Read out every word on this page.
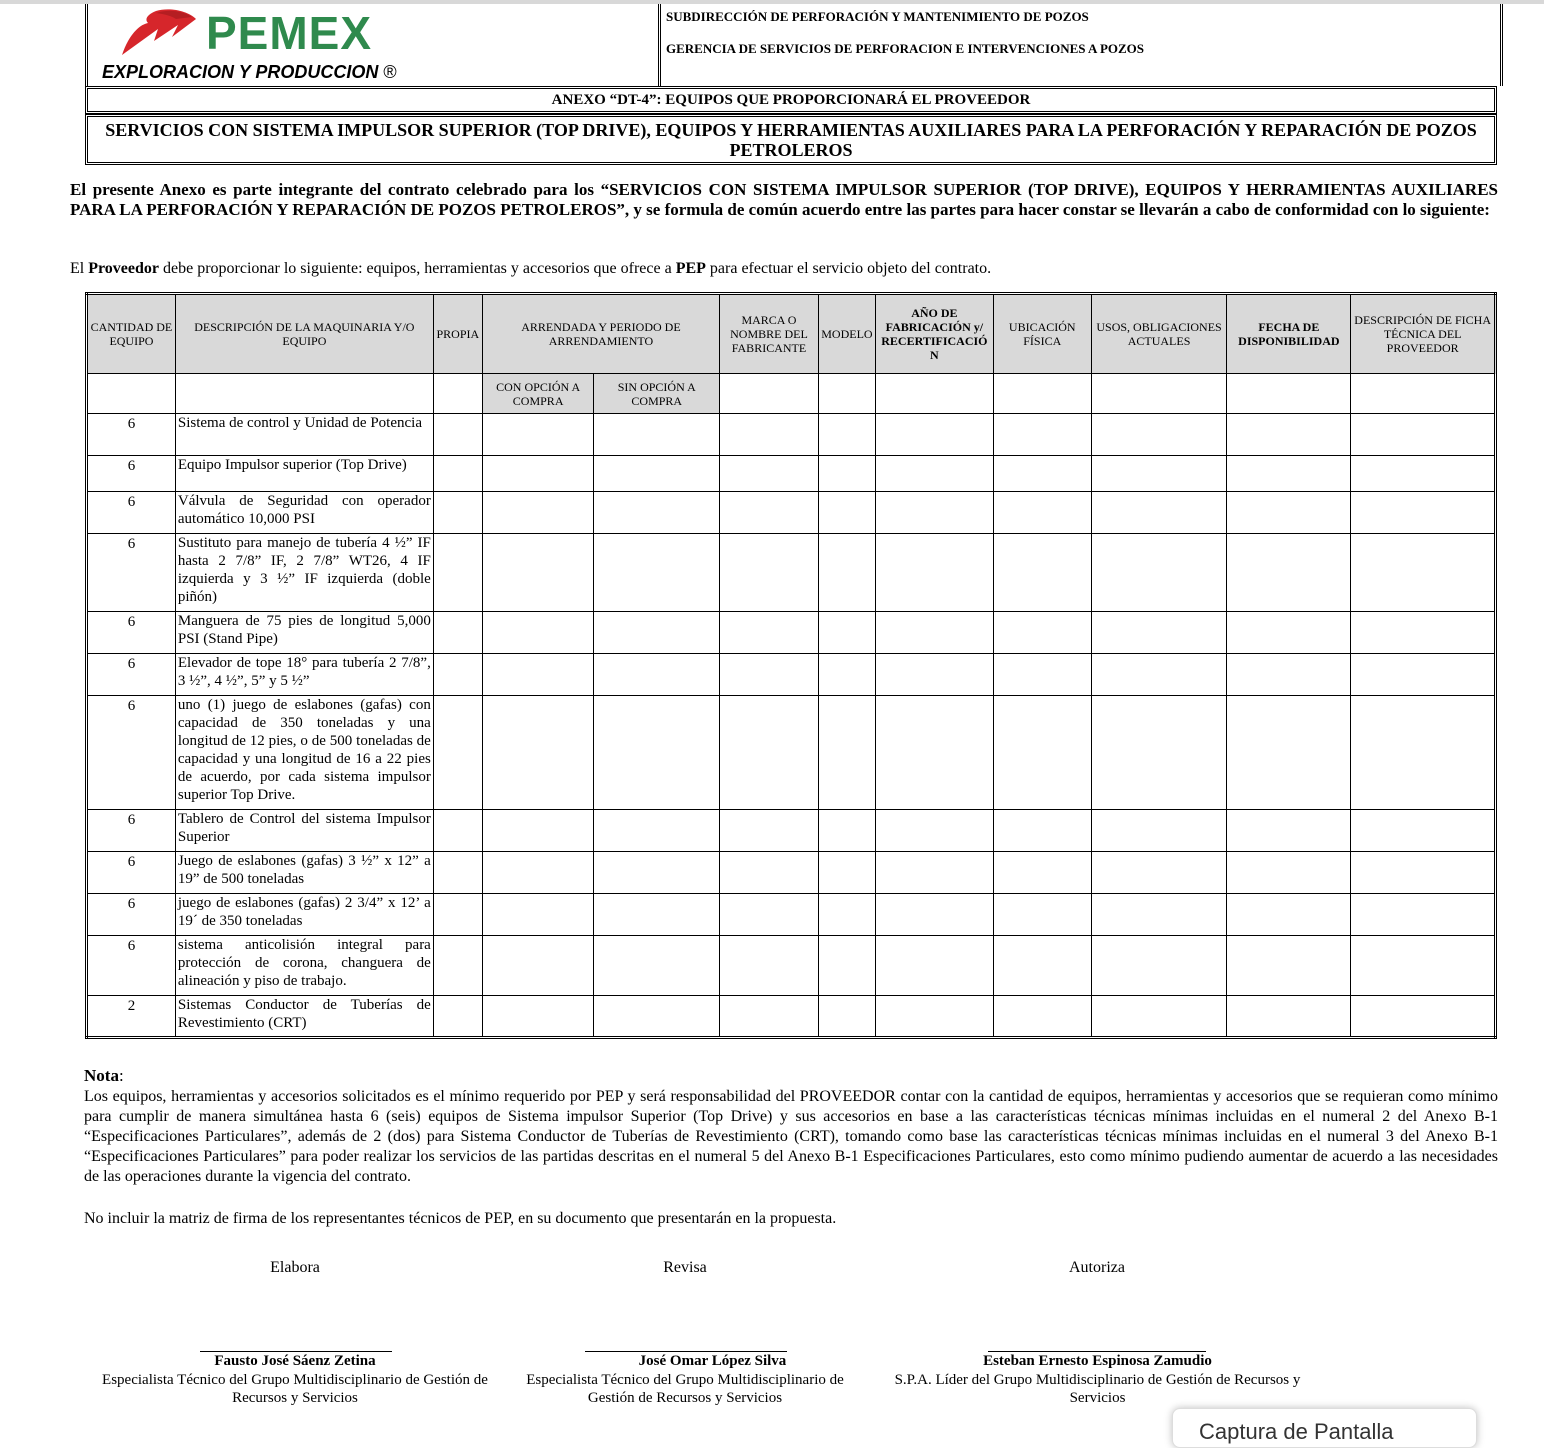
PEMEX
EXPLORACION Y PRODUCCION ®
SUBDIRECCIÓN DE PERFORACIÓN Y MANTENIMIENTO DE POZOS
GERENCIA DE SERVICIOS DE PERFORACION E INTERVENCIONES A POZOS
ANEXO “DT-4”: EQUIPOS QUE PROPORCIONARÁ EL PROVEEDOR
SERVICIOS CON SISTEMA IMPULSOR SUPERIOR (TOP DRIVE), EQUIPOS Y HERRAMIENTAS AUXILIARES PARA LA PERFORACIÓN Y REPARACIÓN DE POZOS PETROLEROS
El presente Anexo es parte integrante del contrato celebrado para los “SERVICIOS CON SISTEMA IMPULSOR SUPERIOR (TOP DRIVE), EQUIPOS Y HERRAMIENTAS AUXILIARES PARA LA PERFORACIÓN Y REPARACIÓN DE POZOS PETROLEROS”, y se formula de común acuerdo entre las partes para hacer constar se llevarán a cabo de conformidad con lo siguiente:
El Proveedor debe proporcionar lo siguiente: equipos, herramientas y accesorios que ofrece a PEP para efectuar el servicio objeto del contrato.
CANTIDAD DE EQUIPO	DESCRIPCIÓN DE LA MAQUINARIA Y/O EQUIPO	PROPIA	ARRENDADA Y PERIODO DE ARRENDAMIENTO		MARCA O NOMBRE DEL FABRICANTE	MODELO	AÑO DE FABRICACIÓN y/ RECERTIFICACIÓ N	UBICACIÓN FÍSICA	USOS, OBLIGACIONES ACTUALES	FECHA DE DISPONIBILIDAD	DESCRIPCIÓN DE FICHA TÉCNICA DEL PROVEEDOR
			CON OPCIÓN A COMPRA	SIN OPCIÓN A COMPRA							
6	Sistema de control y Unidad de Potencia										
6	Equipo Impulsor superior (Top Drive)										
6	Válvula de Seguridad con operador automático 10,000 PSI										
6	Sustituto para manejo de tubería 4 ½” IF hasta 2 7/8” IF, 2 7/8” WT26, 4 IF izquierda y 3 ½” IF izquierda (doble piñón)										
6	Manguera de 75 pies de longitud 5,000 PSI (Stand Pipe)										
6	Elevador de tope 18° para tubería 2 7/8”, 3 ½”, 4 ½”, 5” y 5 ½”										
6	uno (1) juego de eslabones (gafas) con capacidad de 350 toneladas y una longitud de 12 pies, o de 500 toneladas de capacidad y una longitud de 16 a 22 pies de acuerdo, por cada sistema impulsor superior Top Drive.										
6	Tablero de Control del sistema Impulsor Superior										
6	Juego de eslabones (gafas) 3 ½” x 12” a 19” de 500 toneladas										
6	juego de eslabones (gafas) 2 3/4” x 12’ a 19´ de 350 toneladas										
6	sistema anticolisión integral para protección de corona, changuera de alineación y piso de trabajo.										
2	Sistemas Conductor de Tuberías de Revestimiento (CRT)										
Nota:
Los equipos, herramientas y accesorios solicitados es el mínimo requerido por PEP y será responsabilidad del PROVEEDOR contar con la cantidad de equipos, herramientas y accesorios que se requieran como mínimo para cumplir de manera simultánea hasta 6 (seis) equipos de Sistema impulsor Superior (Top Drive) y sus accesorios en base a las características técnicas mínimas incluidas en el numeral 2 del Anexo B-1 “Especificaciones Particulares”, además de 2 (dos) para Sistema Conductor de Tuberías de Revestimiento (CRT), tomando como base las características técnicas mínimas incluidas en el numeral 3 del Anexo B-1 “Especificaciones Particulares” para poder realizar los servicios de las partidas descritas en el numeral 5 del Anexo B-1 Especificaciones Particulares, esto como mínimo pudiendo aumentar de acuerdo a las necesidades de las operaciones durante la vigencia del contrato.
No incluir la matriz de firma de los representantes técnicos de PEP, en su documento que presentarán en la propuesta.
Elabora	Revisa	Autoriza
Fausto José Sáenz Zetina	José Omar López Silva	Esteban Ernesto Espinosa Zamudio
Especialista Técnico del Grupo Multidisciplinario de Gestión de Recursos y Servicios
Especialista Técnico del Grupo Multidisciplinario de Gestión de Recursos y Servicios
S.P.A. Líder del Grupo Multidisciplinario de Gestión de Recursos y Servicios
Captura de Pantalla
